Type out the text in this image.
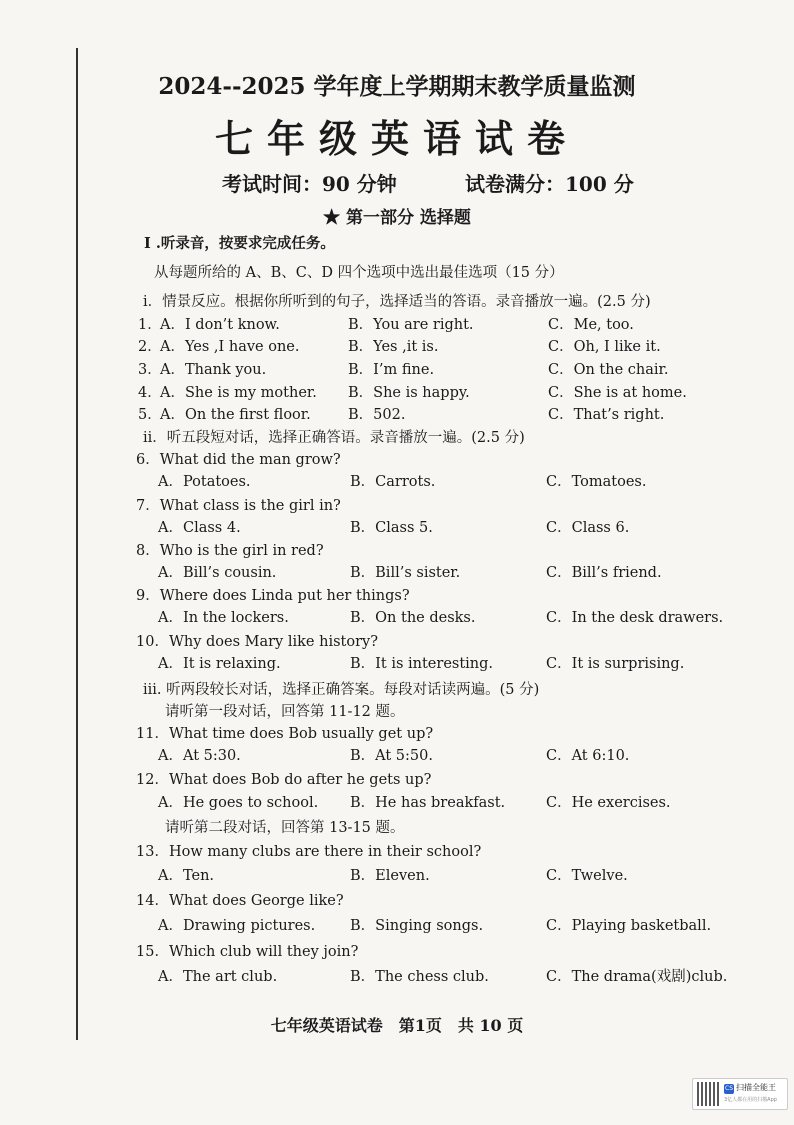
2024--2025 学年度上学期期末教学质量监测
七年级英语试卷
考试时间：90 分钟	试卷满分：100 分
★ 第一部分 选择题
I .听录音，按要求完成任务。
从每题所给的 A、B、C、D 四个选项中选出最佳选项（15 分）
i．情景反应。根据你所听到的句子，选择适当的答语。录音播放一遍。(2.5 分)
1．
A．I don’t know.	B．You are right.	C．Me, too.
2．
A．Yes ,I have one.	B．Yes ,it is.	C．Oh, I like it.
3．
A．Thank you.	B．I’m fine.	C．On the chair.
4．
A．She is my mother. B．She is happy.	C．She is at home.
5．
A．On the first floor.	B．502.	C．That’s right.
ii．听五段短对话，选择正确答语。录音播放一遍。(2.5 分)
6．What did the man grow?
A．Potatoes.	B．Carrots.	C．Tomatoes.
7．What class is the girl in?
A．Class 4.	B．Class 5.	C．Class 6.
8．Who is the girl in red?
A．Bill’s cousin.	B．Bill’s sister.	C．Bill’s friend.
9．Where does Linda put her things?
A．In the lockers.	B．On the desks.	C．In the desk drawers.
10．Why does Mary like history?
A．It is relaxing.	B．It is interesting.	C．It is surprising.
11．What time does Bob usually get up?
A．At 5:30.	B．At 5:50.	C．At 6:10.
12．What does Bob do after he gets up?
A．He goes to school. B．He has breakfast.	C．He exercises.
13．How many clubs are there in their school?
A．Ten.	B．Eleven.	C．Twelve.
14．What does George like?
A．Drawing pictures. B．Singing songs.	C．Playing basketball.
15．Which club will they join?
A．The art club.	B．The chess club.	C．The drama(戏剧)club.
iii. 听两段较长对话，选择正确答案。每段对话读两遍。(5 分)
请听第一段对话，回答第 11-12 题。
请听第二段对话，回答第 13-15 题。
七年级英语试卷　第1页　共 10 页
CS 扫描全能王
3亿人都在用的扫描App
